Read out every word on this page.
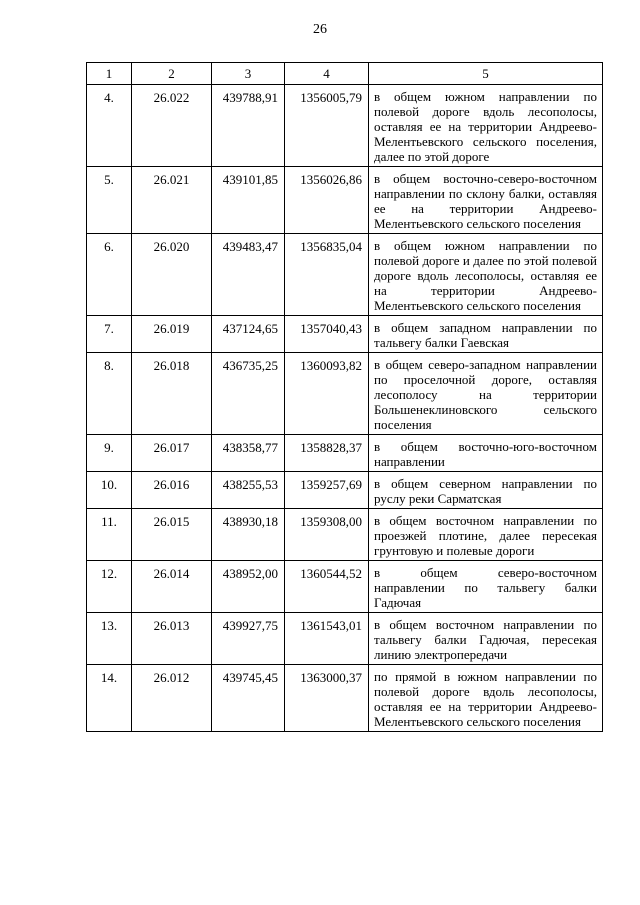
26
1	2	3	4	5
4.	26.022	439788,91	1356005,79	в общем южном направлении по полевой дороге вдоль лесополосы, оставляя ее на территории Андреево-Мелентьевского сельского поселения, далее по этой дороге
5.	26.021	439101,85	1356026,86	в общем восточно-северо-восточном направлении по склону балки, оставляя ее на территории Андреево-Мелентьевского сельского поселения
6.	26.020	439483,47	1356835,04	в общем южном направлении по полевой дороге и далее по этой полевой дороге вдоль лесополосы, оставляя ее на территории Андреево-Мелентьевского сельского поселения
7.	26.019	437124,65	1357040,43	в общем западном направлении по тальвегу балки Гаевская
8.	26.018	436735,25	1360093,82	в общем северо-западном направлении по проселочной дороге, оставляя лесополосу на территории Большенеклиновского сельского поселения
9.	26.017	438358,77	1358828,37	в общем восточно-юго-восточном направлении
10.	26.016	438255,53	1359257,69	в общем северном направлении по руслу реки Сарматская
11.	26.015	438930,18	1359308,00	в общем восточном направлении по проезжей плотине, далее пересекая грунтовую и полевые дороги
12.	26.014	438952,00	1360544,52	в общем северо-восточном направлении по тальвегу балки Гадючая
13.	26.013	439927,75	1361543,01	в общем восточном направлении по тальвегу балки Гадючая, пересекая линию электропередачи
14.	26.012	439745,45	1363000,37	по прямой в южном направлении по полевой дороге вдоль лесополосы, оставляя ее на территории Андреево-Мелентьевского сельского поселения
